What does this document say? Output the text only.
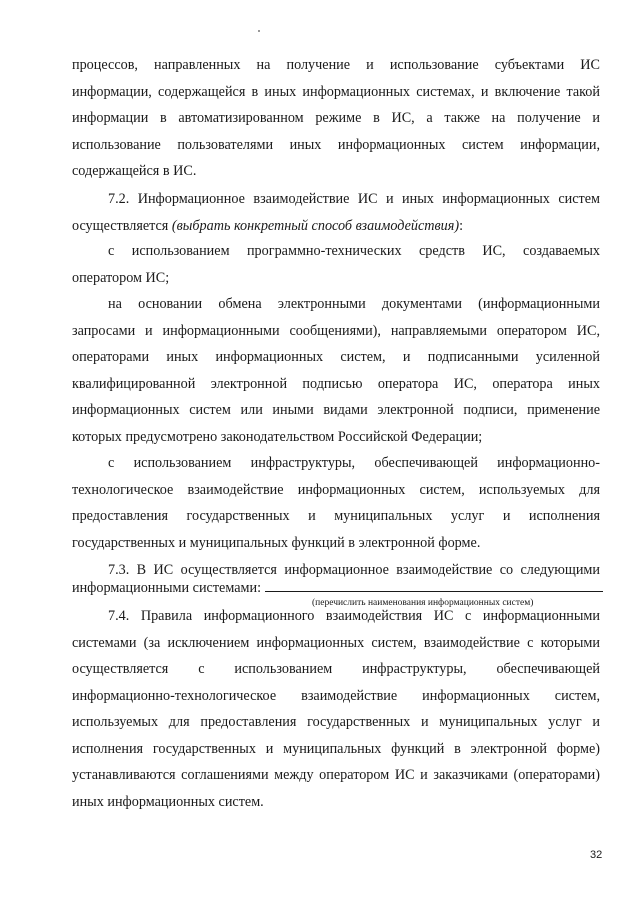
процессов, направленных на получение и использование субъектами ИС
информации, содержащейся в иных информационных системах, и включение такой
информации в автоматизированном режиме в ИС, а также на получение и
использование пользователями иных информационных систем информации,
содержащейся в ИС.

7.2. Информационное взаимодействие ИС и иных информационных систем
осуществляется (выбрать конкретный способ взаимодействия):

с использованием программно-технических средств ИС, создаваемых
оператором ИС;

на основании обмена электронными документами (информационными
запросами и информационными сообщениями), направляемыми оператором ИС,
операторами иных информационных систем, и подписанными усиленной
квалифицированной электронной подписью оператора ИС, оператора иных
информационных систем или иными видами электронной подписи, применение
которых предусмотрено законодательством Российской Федерации;

с использованием инфраструктуры, обеспечивающей информационно-
технологическое взаимодействие информационных систем, используемых для
предоставления государственных и муниципальных услуг и исполнения
государственных и муниципальных функций в электронной форме.

7.3. В ИС осуществляется информационное взаимодействие со следующими
информационными системами:

(перечислить наименования информационных систем)

7.4. Правила информационного взаимодействия ИС с информационными
системами (за исключением информационных систем, взаимодействие с которыми
осуществляется с использованием инфраструктуры, обеспечивающей
информационно-технологическое взаимодействие информационных систем,
используемых для предоставления государственных и муниципальных услуг и
исполнения государственных и муниципальных функций в электронной форме)
устанавливаются соглашениями между оператором ИС и заказчиками (операторами)
иных информационных систем.

32
